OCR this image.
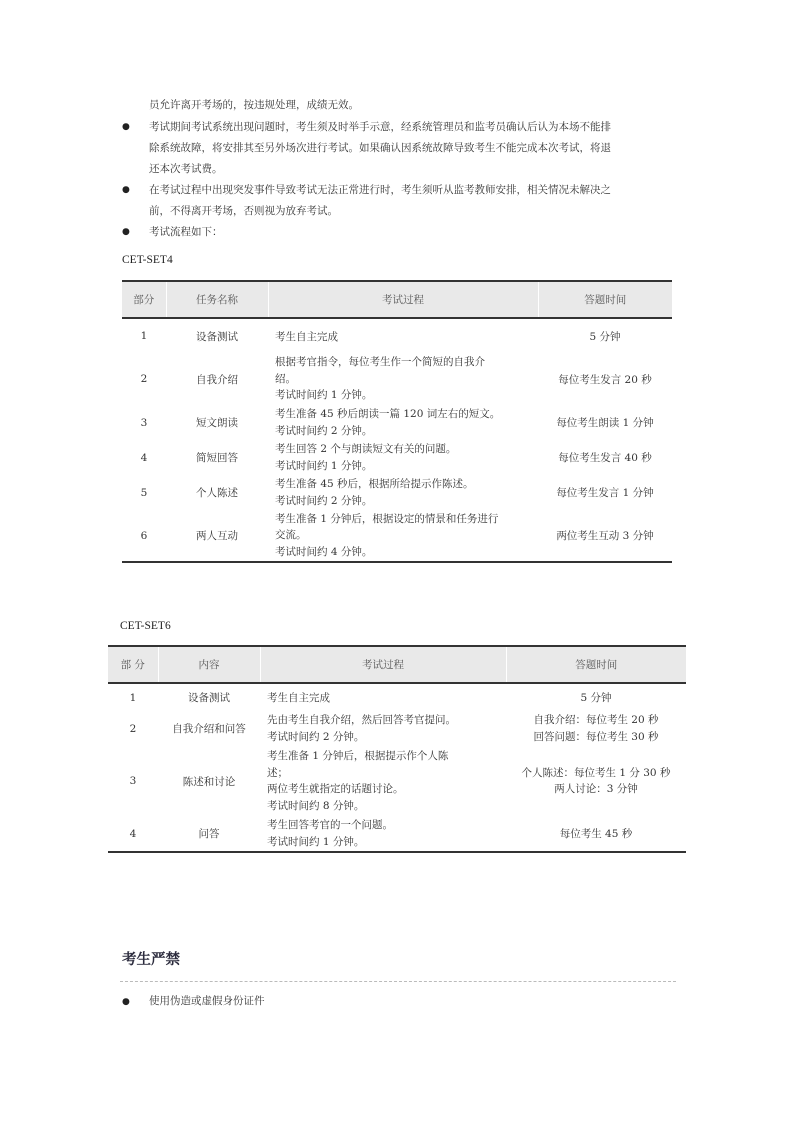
员允许离开考场的，按违规处理，成绩无效。
● 考试期间考试系统出现问题时，考生须及时举手示意，经系统管理员和监考员确认后认为本场不能排
除系统故障，将安排其至另外场次进行考试。如果确认因系统故障导致考生不能完成本次考试，将退
还本次考试费。
● 在考试过程中出现突发事件导致考试无法正常进行时，考生须听从监考教师安排，相关情况未解决之
前，不得离开考场，否则视为放弃考试。
● 考试流程如下：
CET-SET4
部分	任务名称	考试过程	答题时间
1	设备测试	考生自主完成	5 分钟
2	自我介绍	根据考官指令，每位考生作一个简短的自我介
绍。
考试时间约 1 分钟。	每位考生发言 20 秒
3	短文朗读	考生准备 45 秒后朗读一篇 120 词左右的短文。
考试时间约 2 分钟。	每位考生朗读 1 分钟
4	简短回答	考生回答 2 个与朗读短文有关的问题。
考试时间约 1 分钟。	每位考生发言 40 秒
5	个人陈述	考生准备 45 秒后，根据所给提示作陈述。
考试时间约 2 分钟。	每位考生发言 1 分钟
6	两人互动	考生准备 1 分钟后，根据设定的情景和任务进行
交流。
考试时间约 4 分钟。	两位考生互动 3 分钟
CET-SET6
部 分	内容	考试过程	答题时间
1	设备测试	考生自主完成	5 分钟
2	自我介绍和问答	先由考生自我介绍，然后回答考官提问。
考试时间约 2 分钟。	自我介绍：每位考生 20 秒
回答问题：每位考生 30 秒

3	陈述和讨论	考生准备 1 分钟后，根据提示作个人陈
述；
两位考生就指定的话题讨论。
考试时间约 8 分钟。	个人陈述：每位考生 1 分 30 秒
两人讨论：3 分钟

4	问答	考生回答考官的一个问题。
考试时间约 1 分钟。	每位考生 45 秒
考生严禁
● 使用伪造或虚假身份证件
